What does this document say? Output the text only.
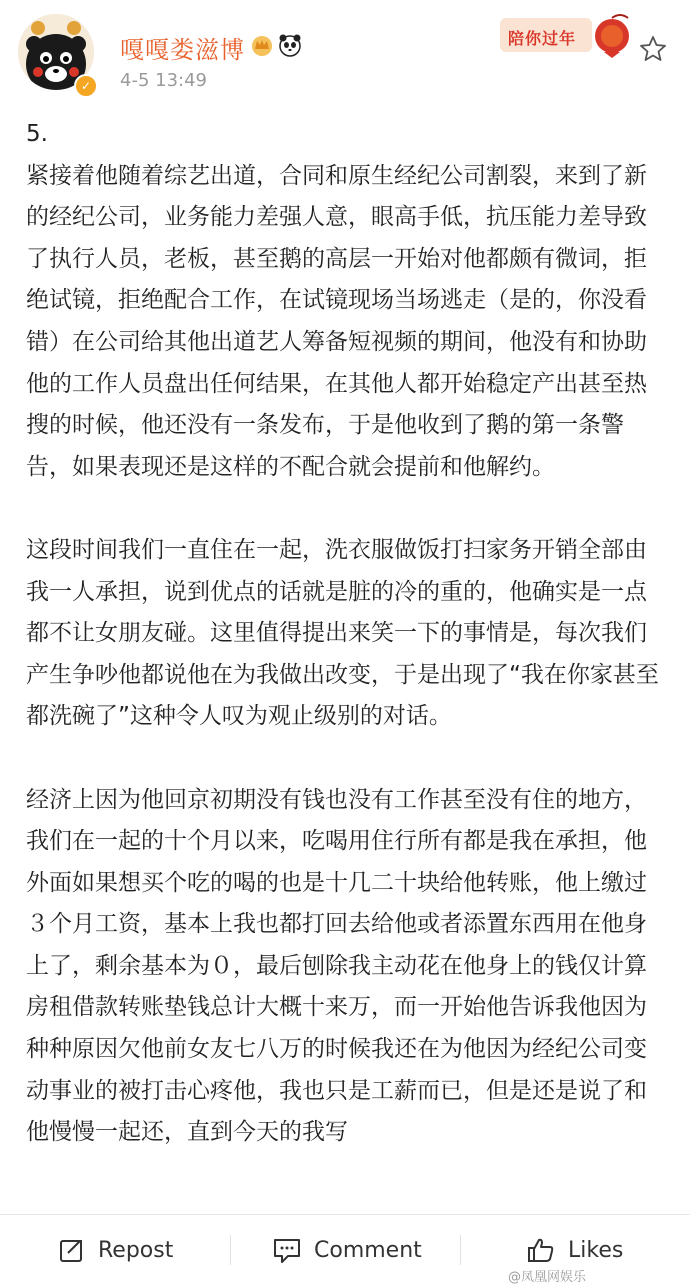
✓
嘎嘎娄滋博
4-5 13:49
陪你过年

5.
紧接着他随着综艺出道，合同和原生经纪公司割裂，来到了新的经纪公司，业务能力差强人意，眼高手低，抗压能力差导致了执行人员，老板，甚至鹅的高层一开始对他都颇有微词，拒绝试镜，拒绝配合工作，在试镜现场当场逃走（是的，你没看错）在公司给其他出道艺人筹备短视频的期间，他没有和协助他的工作人员盘出任何结果，在其他人都开始稳定产出甚至热搜的时候，他还没有一条发布，于是他收到了鹅的第一条警告，如果表现还是这样的不配合就会提前和他解约。

这段时间我们一直住在一起，洗衣服做饭打扫家务开销全部由我一人承担，说到优点的话就是脏的冷的重的，他确实是一点都不让女朋友碰。这里值得提出来笑一下的事情是，每次我们产生争吵他都说他在为我做出改变，于是出现了“我在你家甚至都洗碗了”这种令人叹为观止级别的对话。

经济上因为他回京初期没有钱也没有工作甚至没有住的地方，我们在一起的十个月以来，吃喝用住行所有都是我在承担，他外面如果想买个吃的喝的也是十几二十块给他转账，他上缴过３个月工资，基本上我也都打回去给他或者添置东西用在他身上了，剩余基本为０，最后刨除我主动花在他身上的钱仅计算房租借款转账垫钱总计大概十来万，而一开始他告诉我他因为种种原因欠他前女友七八万的时候我还在为他因为经纪公司变动事业的被打击心疼他，我也只是工薪而已，但是还是说了和他慢慢一起还，直到今天的我写

Repost	Comment	Likes
@凤凰网娱乐
